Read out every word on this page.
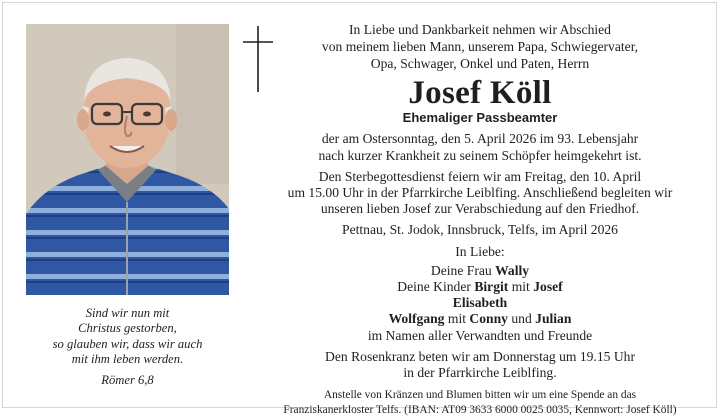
Sind wir nun mit
Christus gestorben,
so glauben wir, dass wir auch
mit ihm leben werden.
Römer 6,8

In Liebe und Dankbarkeit nehmen wir Abschied

von meinem lieben Mann, unserem Papa, Schwiegervater,

Opa, Schwager, Onkel und Paten, Herrn

Josef Köll

Ehemaliger Passbeamter

der am Ostersonntag, den 5. April 2026 im 93. Lebensjahr

nach kurzer Krankheit zu seinem Schöpfer heimgekehrt ist.

Den Sterbegottesdienst feiern wir am Freitag, den 10. April

um 15.00 Uhr in der Pfarrkirche Leiblfing. Anschließend begleiten wir

unseren lieben Josef zur Verabschiedung auf den Friedhof.

Pettnau, St. Jodok, Innsbruck, Telfs, im April 2026

In Liebe:

Deine Frau Wally

Deine Kinder Birgit mit Josef

Elisabeth

Wolfgang mit Conny und Julian

im Namen aller Verwandten und Freunde

Den Rosenkranz beten wir am Donnerstag um 19.15 Uhr

in der Pfarrkirche Leiblfing.

Anstelle von Kränzen und Blumen bitten wir um eine Spende an das

Franziskanerkloster Telfs. (IBAN: AT09 3633 6000 0025 0035, Kennwort: Josef Köll)
